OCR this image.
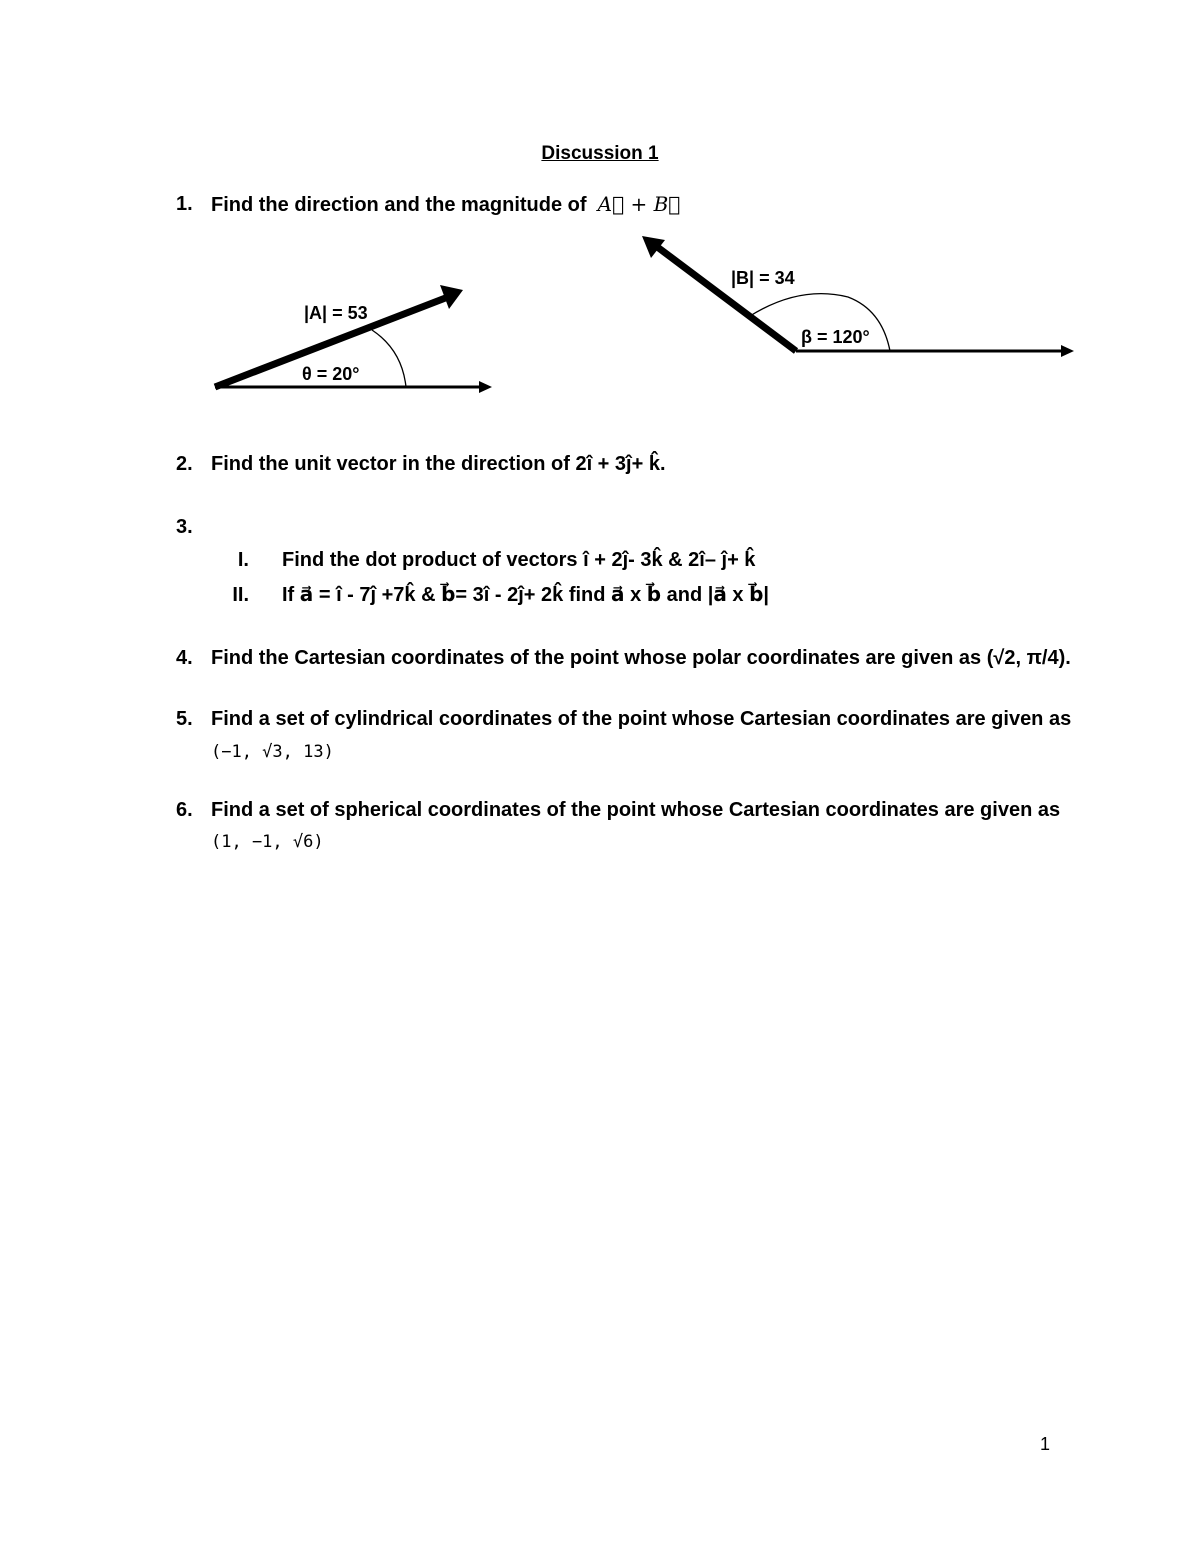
Discussion 1
1. Find the direction and the magnitude of A⃗ + B⃗
|A| = 53
θ = 20°
|B| = 34
β = 120°
2. Find the unit vector in the direction of 2î + 3ĵ+ k̂.
3.
I. Find the dot product of vectors î + 2ĵ- 3k̂ & 2î– ĵ+ k̂
II. If a⃗ = î - 7ĵ +7k̂ & b⃗= 3î - 2ĵ+ 2k̂ find a⃗ x b⃗ and |a⃗ x b⃗|
4. Find the Cartesian coordinates of the point whose polar coordinates are given as (√2, π/4).
5. Find a set of cylindrical coordinates of the point whose Cartesian coordinates are given as
(−1, √3, 13)
6. Find a set of spherical coordinates of the point whose Cartesian coordinates are given as
(1, −1, √6)
1
